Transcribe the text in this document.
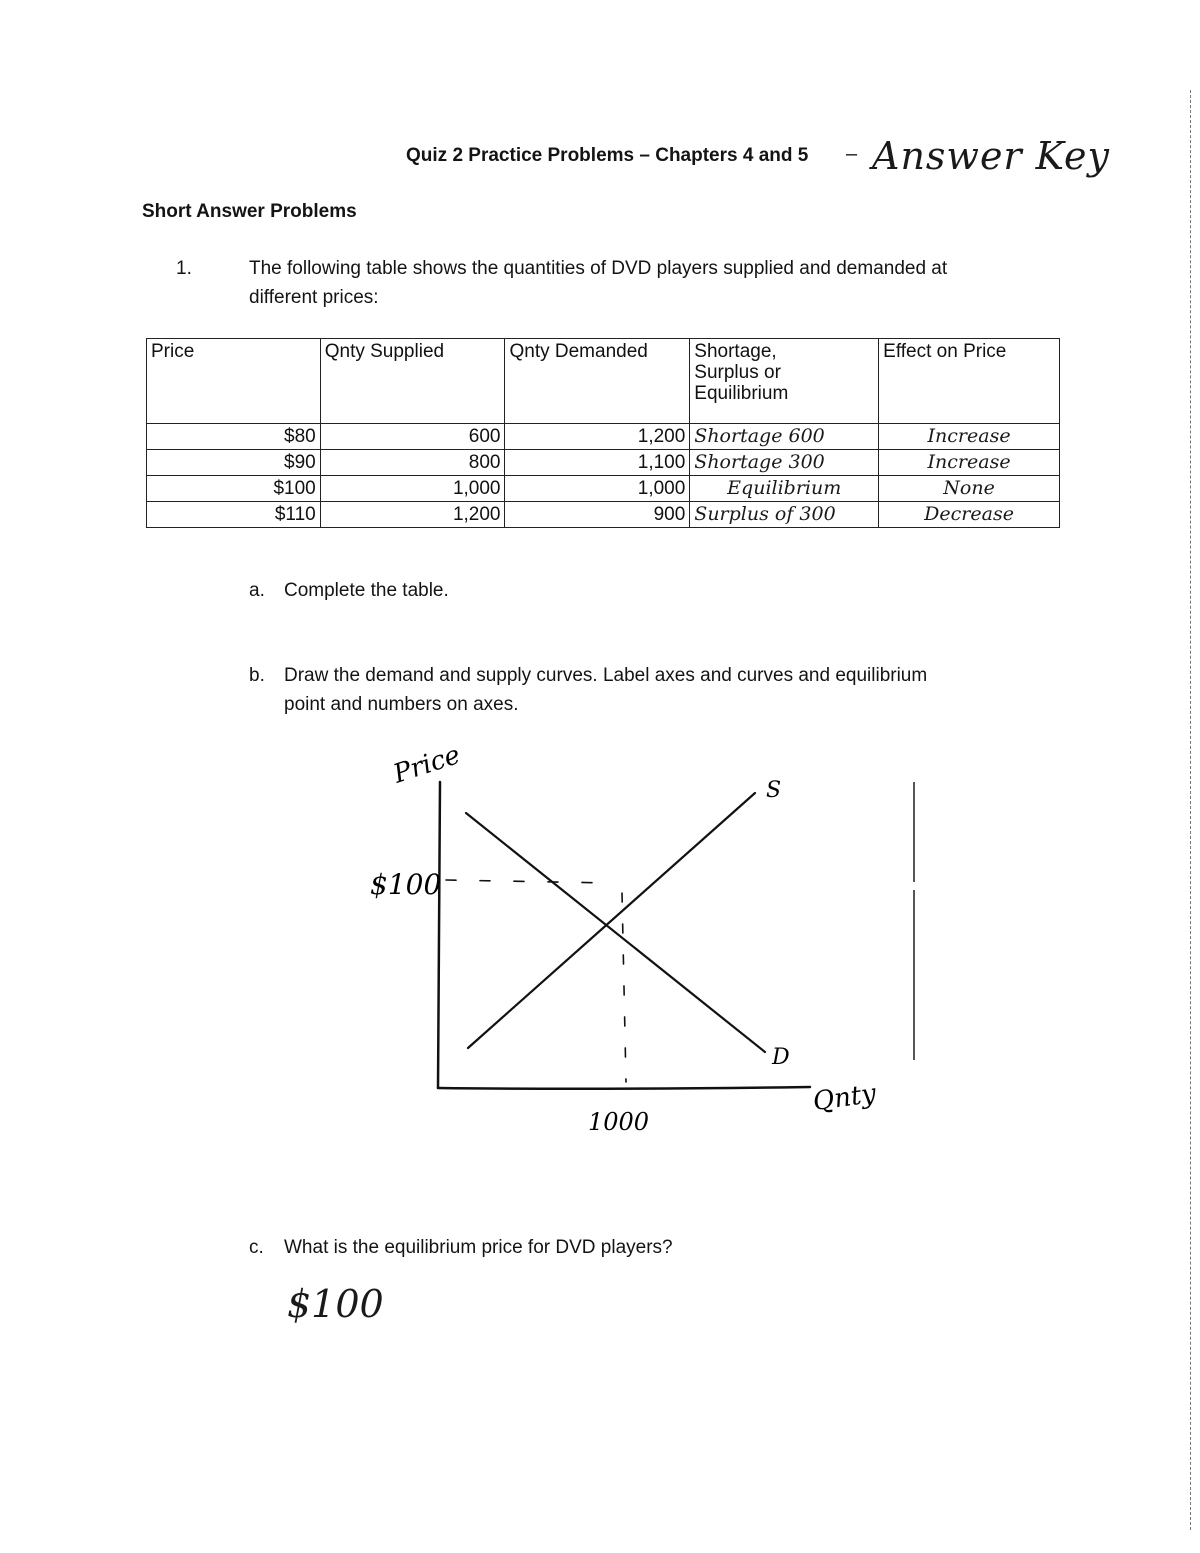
Quiz 2 Practice Problems – Chapters 4 and 5 – Answer Key
Short Answer Problems
1.	The following table shows the quantities of DVD players supplied and demanded at
different prices:
Price	Qnty Supplied	Qnty Demanded	Shortage,
Surplus or
Equilibrium	Effect on Price
$80	600	1,200	Shortage 600	Increase
$90	800	1,100	Shortage 300	Increase
$100	1,000	1,000	Equilibrium	None
$110	1,200	900	Surplus of 300	Decrease
a. Complete the table.
b. Draw the demand and supply curves. Label axes and curves and equilibrium
point and numbers on axes.
Price
Qnty
S
D
$100
1000
c. What is the equilibrium price for DVD players?
$100
